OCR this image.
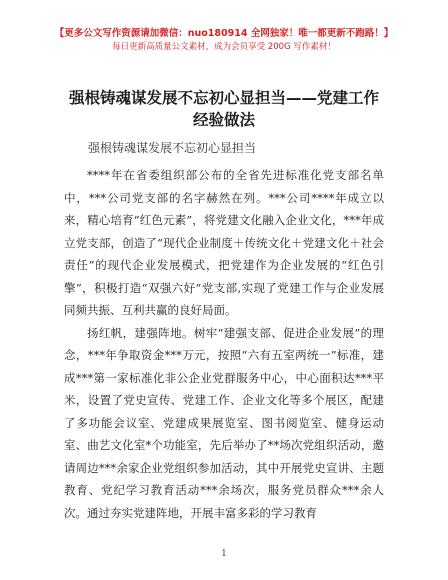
【更多公文写作资源请加微信：nuo180914 全网独家！唯一都更新不跑路！】
每日更新高质量公文素材，成为会员享受 200G 写作素材！
强根铸魂谋发展不忘初心显担当——党建工作
经验做法
强根铸魂谋发展不忘初心显担当

****年在省委组织部公布的全省先进标准化党支部名单中，***公司党支部的名字赫然在列。***公司****年成立以来，精心培育“红色元素”，将党建文化融入企业文化，***年成立党支部，创造了“现代企业制度＋传统文化＋党建文化＋社会责任”的现代企业发展模式，把党建作为企业发展的“红色引擎”，积极打造“双强六好”党支部,实现了党建工作与企业发展同频共振、互利共赢的良好局面。

扬红帆，建强阵地。树牢“建强支部、促进企业发展”的理念，***年争取资金***万元，按照“六有五室两统一”标准，建成***第一家标准化非公企业党群服务中心，中心面积达***平米，设置了党史宣传、党建工作、企业文化等多个展区，配建了多功能会议室、党建成果展览室、图书阅览室、健身运动室、曲艺文化室*个功能室，先后举办了**场次党组织活动，邀请周边***余家企业党组织参加活动，其中开展党史宣讲、主题教育、党纪学习教育活动***余场次，服务党员群众***余人次。通过夯实党建阵地，开展丰富多彩的学习教育

1
